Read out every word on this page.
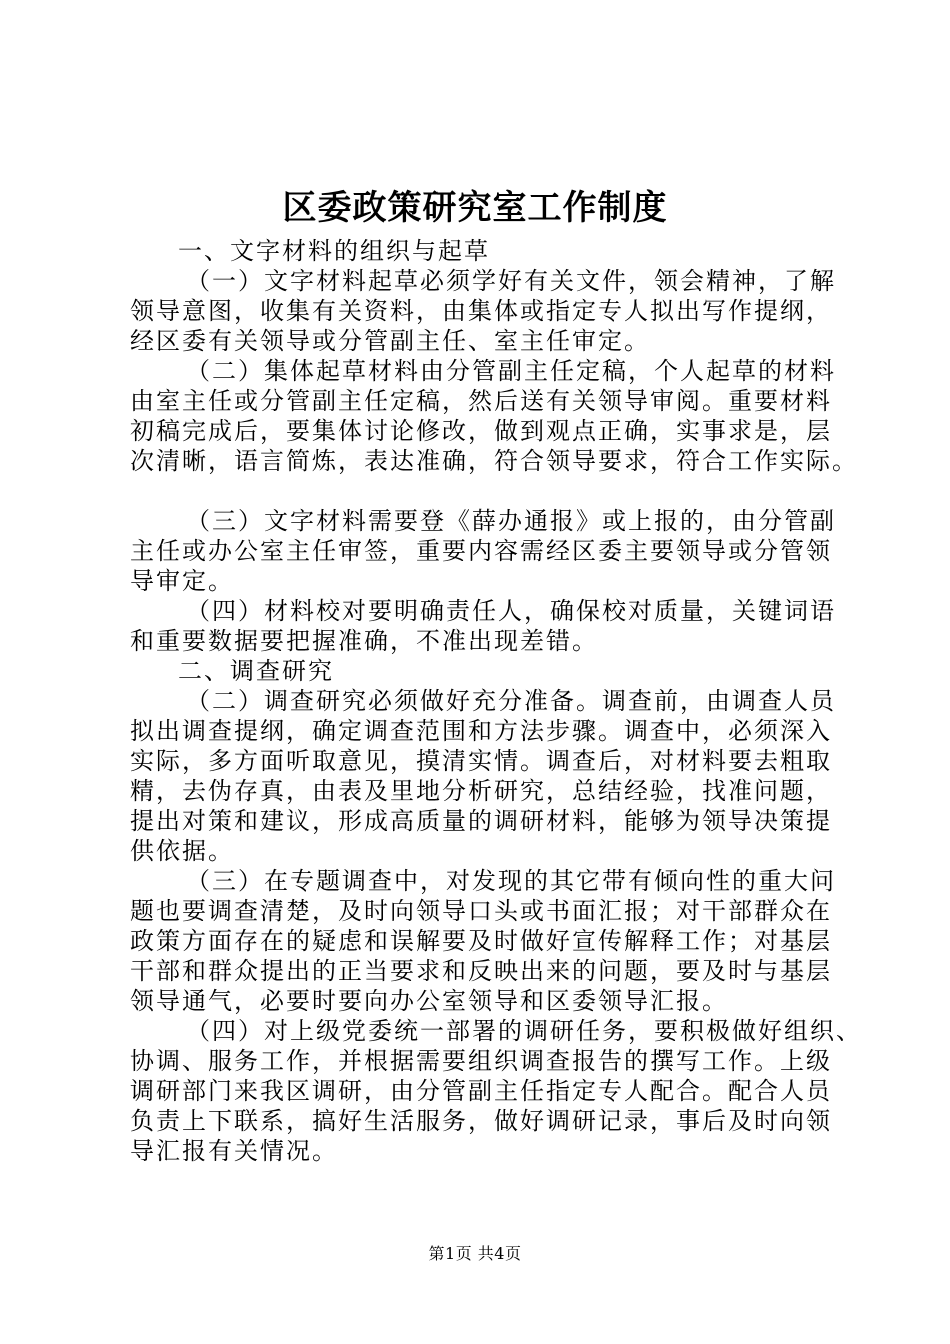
区委政策研究室工作制度
一、文字材料的组织与起草
（一）文字材料起草必须学好有关文件，领会精神，了解
领导意图，收集有关资料，由集体或指定专人拟出写作提纲，
经区委有关领导或分管副主任、室主任审定。
（二）集体起草材料由分管副主任定稿，个人起草的材料
由室主任或分管副主任定稿，然后送有关领导审阅。重要材料
初稿完成后，要集体讨论修改，做到观点正确，实事求是，层
次清晰，语言简炼，表达准确，符合领导要求，符合工作实际。
（三）文字材料需要登《薛办通报》或上报的，由分管副
主任或办公室主任审签，重要内容需经区委主要领导或分管领
导审定。
（四）材料校对要明确责任人，确保校对质量，关键词语
和重要数据要把握准确，不准出现差错。
二、调查研究
（二）调查研究必须做好充分准备。调查前，由调查人员
拟出调查提纲，确定调查范围和方法步骤。调查中，必须深入
实际，多方面听取意见，摸清实情。调查后，对材料要去粗取
精，去伪存真，由表及里地分析研究，总结经验，找准问题，
提出对策和建议，形成高质量的调研材料，能够为领导决策提
供依据。
（三）在专题调查中，对发现的其它带有倾向性的重大问
题也要调查清楚，及时向领导口头或书面汇报；对干部群众在
政策方面存在的疑虑和误解要及时做好宣传解释工作；对基层
干部和群众提出的正当要求和反映出来的问题，要及时与基层
领导通气，必要时要向办公室领导和区委领导汇报。
（四）对上级党委统一部署的调研任务，要积极做好组织、
协调、服务工作，并根据需要组织调查报告的撰写工作。上级
调研部门来我区调研，由分管副主任指定专人配合。配合人员
负责上下联系，搞好生活服务，做好调研记录，事后及时向领
导汇报有关情况。
第1页 共4页
